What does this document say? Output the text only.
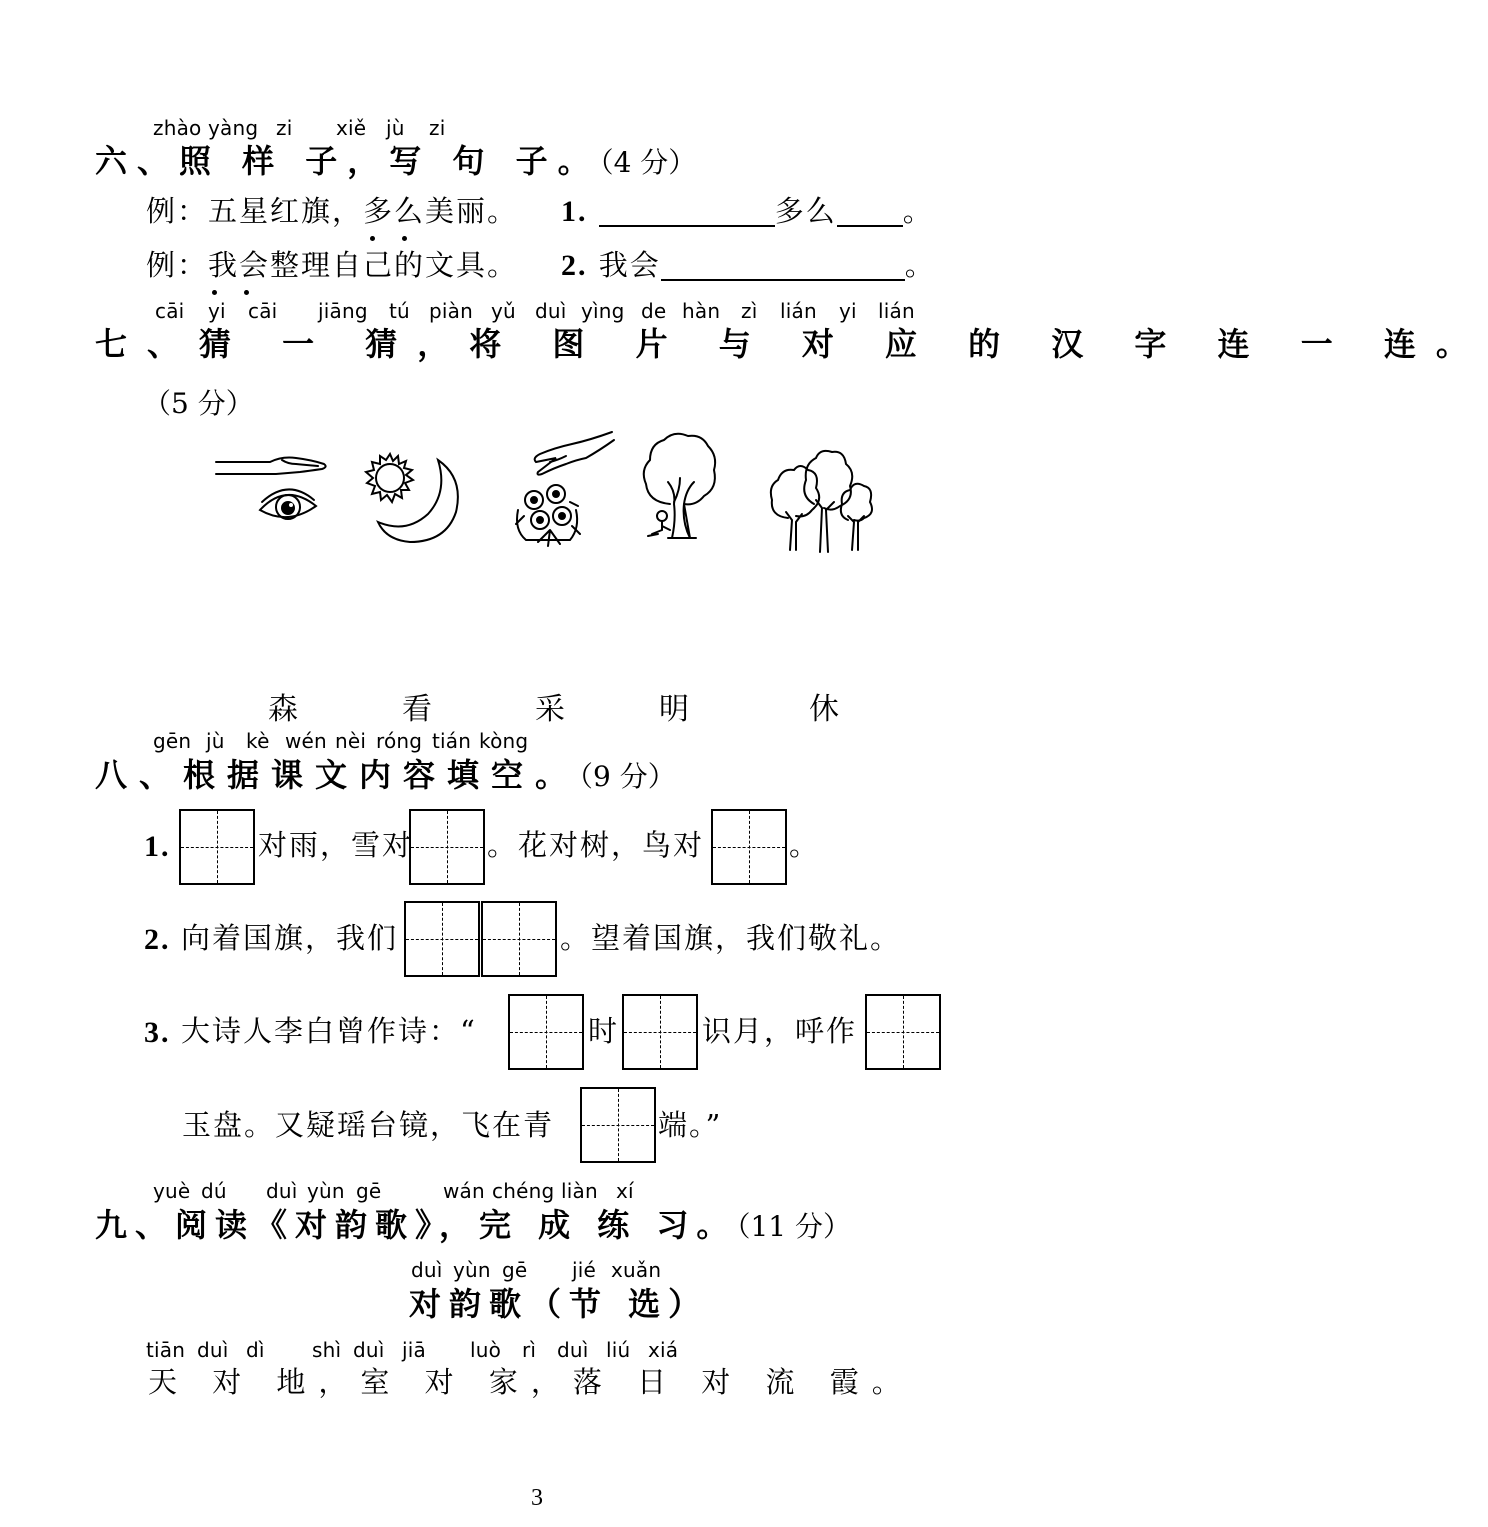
zhào yàng zi xiě jù zi
六、照 样 子，写 句 子。（4 分）
例：五星红旗，多么美丽。 1.	多么 。
例：我会整理自己的文具。 2. 我会	。
cāi yi cāi jiāng tú piàn yǔ duì yìng de hàn zì lián yi lián
七、猜 一 猜，将 图 片 与 对 应 的 汉 字 连 一 连。
（5 分）
森	看	采	明	休
gēn jù kè wén nèi róng tián kòng
八、根据课文内容填空。（9 分）
1.	对雨，雪对	。花对树，鸟对	。
2. 向着国旗，我们	。望着国旗，我们敬礼。
3. 大诗人李白曾作诗：“	时	识月，呼作
玉盘。又疑瑶台镜，飞在青	端。”
yuè dú duì yùn gē	wán chéng liàn xí
九、阅读《对韵歌》，完 成 练 习。（11 分）
duì yùn gē jié xuǎn
对韵歌（节 选）
tiān duì dì shì duì jiā luò rì duì liú xiá
天 对 地，室 对 家，落 日 对 流 霞。
3
